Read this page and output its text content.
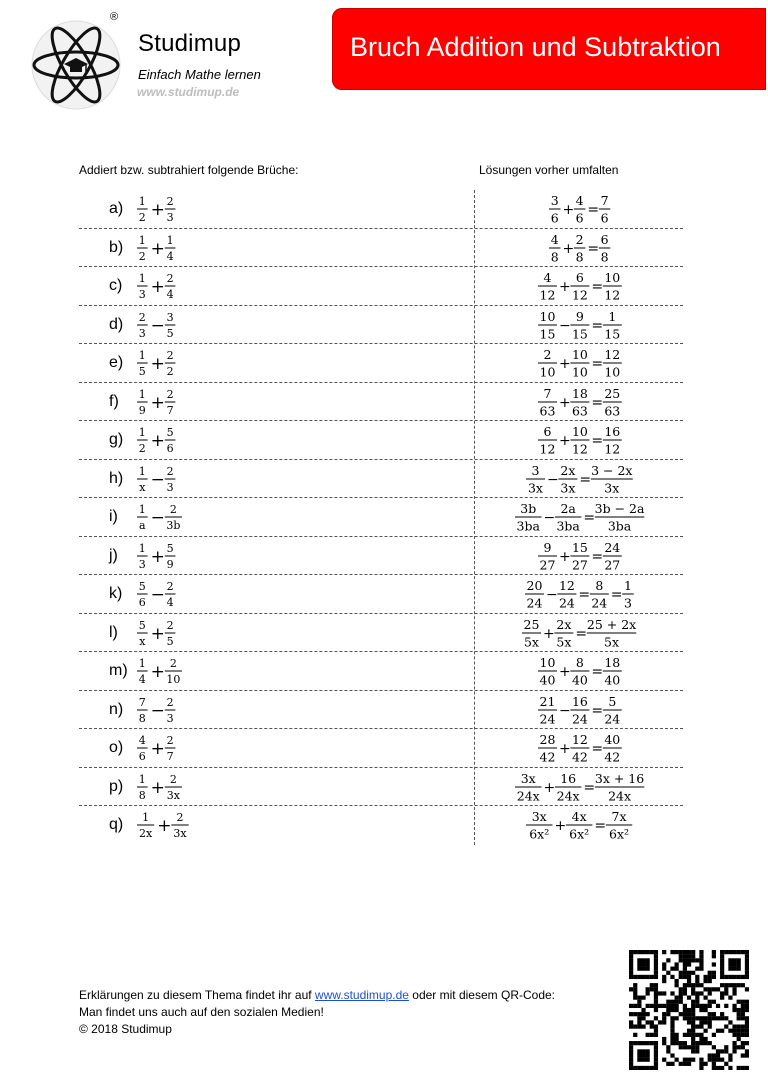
®
Studimup
Einfach Mathe lernen
www.studimup.de
Bruch Addition und Subtraktion
Addiert bzw. subtrahiert folgende Brüche:	Lösungen vorher umfalten
a) 1
2 + 2
3
3
6
+
4
6
=
7
6
b) 1
2 + 1
4
4
8
+
2
8
=
6
8
c) 1
3 + 2
4
4
12
+
6
12
=
10
12
d) 2
3 − 3
5
10
15
−
9
15
=
1
15
e) 1
5 + 2
2
2
10
+
10
10
=
12
10
f) 1
9 + 2
7
7
63
+
18
63
=
25
63
g) 1
2 + 5
6
6
12
+
10
12
=
16
12
h) 1
x − 2
3
3
3x
−
2x
3x
=
3 − 2x
3x
i) 1
a − 2
3b
3b
3ba
−
2a
3ba
=
3b − 2a
3ba
j) 1
3 + 5
9
9
27
+
15
27
=
24
27
k) 5
6 − 2
4
20
24
−
12
24
=
8
24
=
1
3
l) 5
x + 2
5
25
5x
+
2x
5x
=
25 + 2x
5x
m) 1
4 + 2
10
10
40
+
8
40
=
18
40
n) 7
8 − 2
3
21
24
−
16
24
=
5
24
o) 4
6 + 2
7
28
42
+
12
42
=
40
42
p) 1
8 + 2
3x
3x
24x
+
16
24x
=
3x + 16
24x
q) 1
2x + 2
3x
3x
6x²
+
4x
6x²
=
7x
6x²
Erklärungen zu diesem Thema findet ihr auf www.studimup.de oder mit diesem QR-Code:
Man findet uns auch auf den sozialen Medien!
© 2018 Studimup
